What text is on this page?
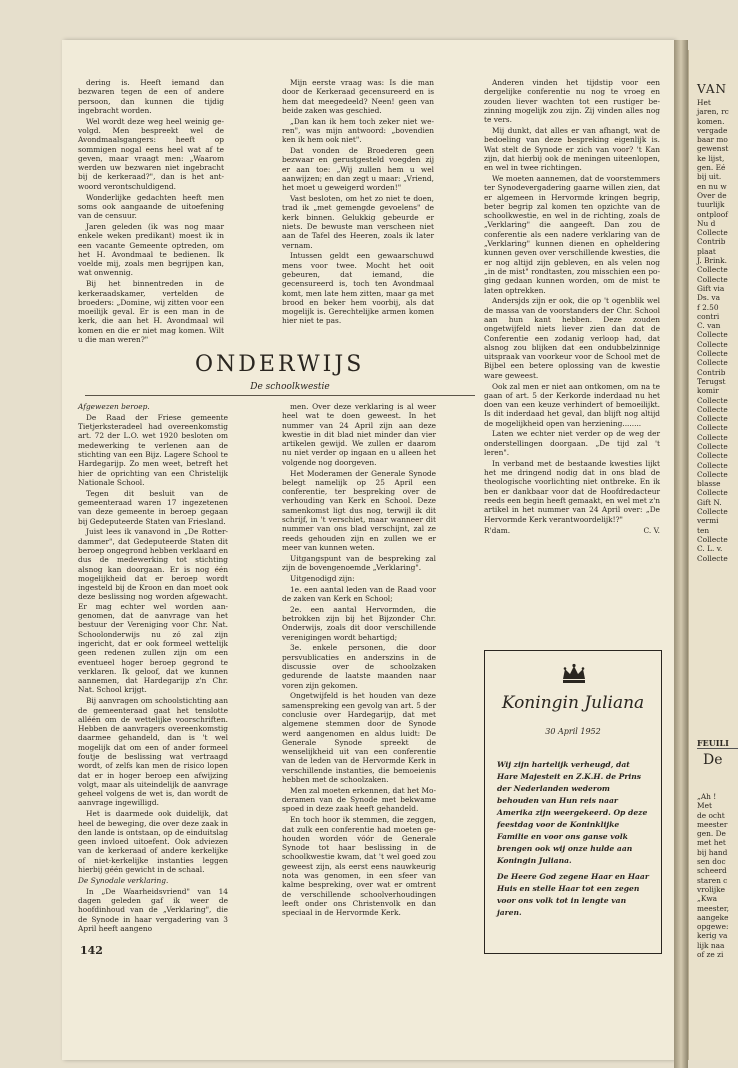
dering is. Heeft iemand dan bezwaren tegen de een of andere persoon, dan kunnen die tijdig ingebracht worden.

Wel wordt deze weg heel weinig gevolgd. Men bespreekt wel de Avondmaalsgangers: heeft op sommigen nogal eens heel wat af te geven, maar vraagt men: „Waarom werden uw bezwaren niet ingebracht bij de kerkeraad?", dan is het antwoord verontschuldigend.

Wonderlijke gedachten heeft men soms ook aangaande de uitoefening van de censuur.

Jaren geleden (ik was nog maar enkele weken predikant) moest ik in een vacante Gemeente optreden, om het H. Avondmaal te bedienen. Ik voelde mij, zoals men begrijpen kan, wat onwennig.

Bij het binnentreden in de kerkeraadskamer, vertelden de broeders: „Domine, wij zitten voor een moeilijk geval. Er is een man in de kerk, die aan het H. Avondmaal wil komen en die er niet mag komen. Wilt u die man weren?"

Mijn eerste vraag was: Is die man door de Kerkeraad gecensureerd en is hem dat meegedeeld? Neen! geen van beide zaken was geschied.

„Dan kan ik hem toch zeker niet weren", was mijn antwoord: „bovendien ken ik hem ook niet".

Dat vonden de Broederen geen bezwaar en gerustgesteld voegden zij er aan toe: „Wij zullen hem u wel aanwijzen; en dan zegt u maar: „Vriend, het moet u geweigerd worden!"

Vast besloten, om het zo niet te doen, trad ik „met gemengde gevoelens" de kerk binnen. Gelukkig gebeurde er niets. De bewuste man verscheen niet aan de Tafel des Heeren, zoals ik later vernam.

Intussen geldt een gewaarschuwd mens voor twee. Mocht het ooit gebeuren, dat iemand, die gecensureerd is, toch ten Avondmaal komt, men late hem zitten, maar ga met brood en beker hem voorbij, als dat mogelijk is. Gerechtelijke armen komen hier niet te pas.

Anderen vinden het tijdstip voor een dergelijke conferentie nu nog te vroeg en zouden liever wachten tot een rustiger bezinning mogelijk zou zijn. Zij vinden alles nog te vers.

Mij dunkt, dat alles er van afhangt, wat de bedoeling van deze bespreking eigenlijk is. Wat stelt de Synode er zich van voor? 't Kan zijn, dat hierbij ook de meningen uiteenlopen, en wel in twee richtingen.

We moeten aannemen, dat de voorstemmers ter Synodevergadering gaarne willen zien, dat er algemeen in Hervormde kringen begrip, beter begrip zal komen ten opzichte van de schoolkwestie, en wel in de richting, zoals de „Verklaring" die aangeeft. Dan zou de conferentie als een nadere verklaring van de „Verklaring" kunnen dienen en opheldering kunnen geven over verschillende kwesties, die er nog altijd zijn gebleven, en als velen nog „in de mist" rondtasten, zou misschien een poging gedaan kunnen worden, om de mist te laten optrekken.

Andersjds zijn er ook, die op 't ogenblik wel de massa van de voorstanders der Chr. School aan hun kant hebben. Deze zouden ongetwijfeld niets liever zien dan dat de Conferentie een zodanig verloop had, dat alsnog zou blijken dat een ondubbelzinnige uitspraak van voorkeur voor de School met de Bijbel een betere oplossing van de kwestie ware geweest.

Ook zal men er niet aan ontkomen, om na te gaan of art. 5 der Kerkorde inderdaad nu het doen van een keuze verhindert of bemoeilijkt. Is dit inderdaad het geval, dan blijft nog altijd de mogelijkheid open van herziening........

Laten we echter niet verder op de weg der onderstellingen doorgaan. „De tijd zal 't leren".

In verband met de bestaande kwesties lijkt het me dringend nodig dat in ons blad de theologische voorlichting niet ontbreke. En ik ben er dankbaar voor dat de Hoofdredacteur reeds een begin heeft gemaakt, en wel met z'n artikel in het nummer van 24 April over: „De Hervormde Kerk verantwoordelijk!?"

R'dam.	C. V.
ONDERWIJS
De schoolkwestie

Afgewezen beroep.

De Raad der Friese gemeente Tietjerksteradeel had overeenkomstig art. 72 der L.O. wet 1920 besloten om medewerking te verlenen aan de stichting van een Bijz. Lagere School te Hardegarijp. Zo men weet, betreft het hier de oprichting van een Christelijk Nationale School.

Tegen dit besluit van de gemeenteraad waren 17 ingezetenen van deze gemeente in beroep gegaan bij Gedeputeerde Staten van Friesland.

Juist lees ik vanavond in „De Rotterdammer", dat Gedeputeerde Staten dit beroep ongegrond hebben verklaard en dus de medewerking tot stichting alsnog kan doorgaan. Er is nog één mogelijkheid dat er beroep wordt ingesteld bij de Kroon en dan moet ook deze beslissing nog worden afgewacht. Er mag echter wel worden aangenomen, dat de aanvrage van het bestuur der Vereniging voor Chr. Nat. Schoolonderwijs nu zó zal zijn ingericht, dat er ook formeel wettelijk geen redenen zullen zijn om een eventueel hoger beroep gegrond te verklaren. Ik geloof, dat we kunnen aannemen, dat Hardegarijp z'n Chr. Nat. School krijgt.

Bij aanvragen om schoolstichting aan de gemeenteraad gaat het tenslotte alléén om de wettelijke voorschriften. Hebben de aanvragers overeenkomstig daarmee gehandeld, dan is 't wel mogelijk dat om een of ander formeel foutje de beslissing wat vertraagd wordt, of zelfs kan men de risico lopen dat er in hoger beroep een afwijzing volgt, maar als uiteindelijk de aanvrage geheel volgens de wet is, dan wordt de aanvrage ingewilligd.

Het is daarmede ook duidelijk, dat heel de beweging, die over deze zaak in den lande is ontstaan, op de einduitslag geen invloed uitoefent. Ook adviezen van de kerkeraad of andere kerkelijke of niet-kerkelijke instanties leggen hierbij géén gewicht in de schaal.

De Synodale verklaring.

In „De Waarheidsvriend" van 14 dagen geleden gaf ik weer de hoofdinhoud van de „Verklaring", die de Synode in haar vergadering van 3 April heeft aangeno

men. Over deze verklaring is al weer heel wat te doen geweest. In het nummer van 24 April zijn aan deze kwestie in dit blad niet minder dan vier artikelen gewijd. We zullen er daarom nu niet verder op ingaan en u alleen het volgende nog doorgeven.

Het Moderamen der Generale Synode belegt namelijk op 25 April een conferentie, ter bespreking over de verhouding van Kerk en School. Deze samenkomst ligt dus nog, terwijl ik dit schrijf, in 't verschiet, maar wanneer dit nummer van ons blad verschijnt, zal ze reeds gehouden zijn en zullen we er meer van kunnen weten.

Uitgangspunt van de bespreking zal zijn de bovengenoemde „Verklaring".

Uitgenodigd zijn:

1e. een aantal leden van de Raad voor de zaken van Kerk en School;

2e. een aantal Hervormden, die betrokken zijn bij het Bijzonder Chr. Onderwijs, zoals dit door verschillende verenigingen wordt behartigd;

3e. enkele personen, die door persvublicaties en anderszins in de discussie over de schoolzaken gedurende de laatste maanden naar voren zijn gekomen.

Ongetwijfeld is het houden van deze samenspreking een gevolg van art. 5 der conclusie over Hardegarijp, dat met algemene stemmen door de Synode werd aangenomen en aldus luidt: De Generale Synode spreekt de wenselijkheid uit van een conferentie van de leden van de Hervormde Kerk in verschillende instanties, die bemoeienis hebben met de schoolzaken.

Men zal moeten erkennen, dat het Moderamen van de Synode met bekwame spoed in deze zaak heeft gehandeld.

En toch hoor ik stemmen, die zeggen, dat zulk een conferentie had moeten gehouden worden vóór de Generale Synode tot haar beslissing in de schoolkwestie kwam, dat 't wel goed zou geweest zijn, als eerst eens nauwkeurig nota was genomen, in een sfeer van kalme bespreking, over wat er omtrent de verschillende schoolverhoudingen leeft onder ons Christenvolk en dan speciaal in de Hervormde Kerk.

Koningin Juliana
30 April 1952

Wij zijn hartelijk verheugd, dat Hare Majesteit en Z.K.H. de Prins der Nederlanden wederom behouden van Hun reis naar Amerika zijn weergekeerd. Op deze feestdag voor de Koninklijke Familie en voor ons ganse volk brengen ook wij onze hulde aan Koningin Juliana.

De Heere God zegene Haar en Haar Huis en stelle Haar tot een zegen voor ons volk tot in lengte van jaren.

142
VAN
Het
jaren, rc
komen.
vergade
baar mo
gewenst
ke lijst,
gen. Eé
bij uit.
en nu w
Over de
tuurlijk
ontploof
Nu d
Collecte
Contrib
plaat
J. Brink.
Collecte
Collecte
Gift via
Ds. va
f 2.50
contri
C. van
Collecte
Collecte
Collecte
Collecte
Contrib
Terugst
komir
Collecte
Collecte
Collecte
Collecte
Collecte
Collecte
Collecte
Collecte
Collecte
blasse
Collecte
Gift N.
Collecte
vermi
ten
Collecte
C. L. v.
Collecte
FEUILI
De
„Ah !
Met
de ocht
meester
gen. De
met het
bij hand
sen doc
scheerd
staren c
vrolijke
„Kwa
meester,
aangeke
opgewe:
kerig va
lijk naa
of ze zi
